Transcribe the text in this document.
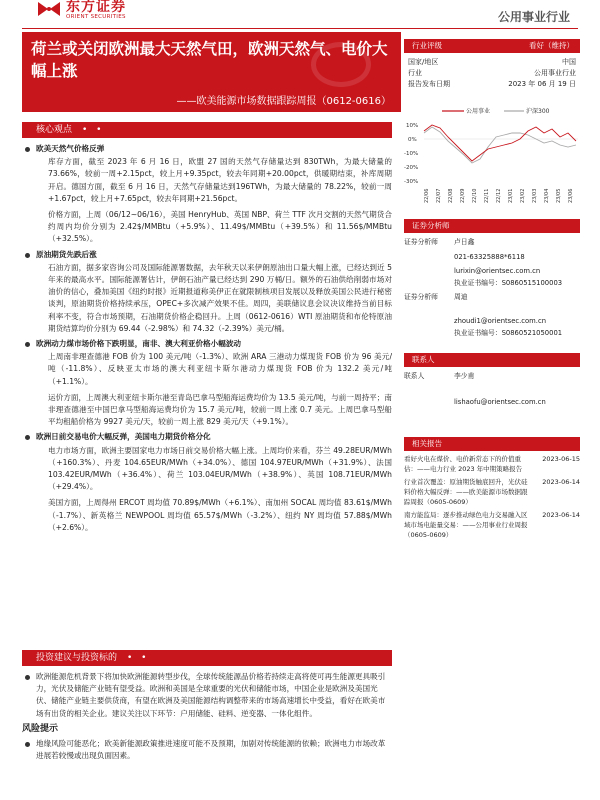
东方证券
ORIENT SECURITIES	公用事业行业
荷兰或关闭欧洲最大天然气田，欧洲天然气、电价大幅上涨
——欧美能源市场数据跟踪周报（0612-0616）
核心观点 • •
欧美天然气价格反弹
库存方面，截至 2023 年 6 月 16 日，欧盟 27 国的天然气存储量达到 830TWh，为最大储量的 73.66%，较前一周+2.15pct，较上月+9.35pct，较去年同期+20.00pct，供暖期结束，补库周期开启。德国方面，截至 6 月 16 日，天然气存储量达到196TWh，为最大储量的 78.22%，较前一周+1.67pct，较上月+7.65pct，较去年同期+21.56pct。
价格方面，上周（06/12~06/16），美国 HenryHub、英国 NBP、荷兰 TTF 次月交割的天然气期货合约周内均价分别为 2.42$/MMBtu（+5.9%）、11.49$/MMBtu（+39.5%）和 11.56$/MMBtu（+32.5%）。
原油期货先跌后涨
石油方面，据多家咨询公司及国际能源署数据，去年秋天以来伊朗原油出口量大幅上涨，已经达到近 5 年来的最高水平。国际能源署估计，伊朗石油产量已经达到 290 万桶/日。额外的石油供给削弱市场对油价的信心，叠加美国《纽约时报》近期报道称美伊正在就限制核项目发展以及释放美国公民进行秘密谈判，原油期货价格持续承压，OPEC+多次减产效果不佳。周四，美联储议息会议决议维持当前目标利率不变，符合市场预期，石油期货价格企稳回升。上周（0612-0616）WTI 原油期货和布伦特原油期货结算均价分别为 69.44（-2.98%）和 74.32（-2.39%）美元/桶。
欧洲动力煤市场价格下跌明显，南非、澳大利亚价格小幅波动
上周南非理查德港 FOB 价为 100 美元/吨（-1.3%）、欧洲 ARA 三港动力煤现货 FOB 价为 96 美元/吨（-11.8%）、反映亚太市场的澳大利亚纽卡斯尔港动力煤现货 FOB 价为 132.2 美元/吨（+1.1%）。
运价方面，上周澳大利亚纽卡斯尔港至青岛巴拿马型船海运费均价为 13.5 美元/吨，与前一周持平；南非理查德港至中国巴拿马型船海运费均价为 15.7 美元/吨，较前一周上涨 0.7 美元。上周巴拿马型船平均租船价格为 9927 美元/天，较前一周上涨 829 美元/天（+9.1%）。
欧洲日前交易电价大幅反弹，美国电力期货价格分化
电力市场方面，欧洲主要国家电力市场日前交易价格大幅上涨。上周均价来看，芬兰 49.28EUR/MWh（+160.3%）、丹麦 104.65EUR/MWh（+34.0%）、德国 104.97EUR/MWh（+31.9%）、法国 103.42EUR/MWh（+36.4%）、荷兰 103.04EUR/MWh（+38.9%）、英国 108.71EUR/MWh（+29.4%）。
美国方面，上周得州 ERCOT 周均值 70.89$/MWh（+6.1%）、南加州 SOCAL 周均值 83.61$/MWh（-1.7%）、新英格兰 NEWPOOL 周均值 65.57$/MWh（-3.2%）、纽约 NY 周均值 57.88$/MWh（+2.6%）。
投资建议与投资标的 • •
欧洲能源危机背景下将加快欧洲能源转型步伐，全球传统能源品价格若持续走高将使可再生能源更具吸引力，光伏及储能产业链有望受益。欧洲和美国是全球重要的光伏和储能市场，中国企业是欧洲及美国光伏、储能产业链主要供货商，有望在欧洲及美国能源结构调整带来的市场高速增长中受益，看好在欧美市场有出货的相关企业。建议关注以下环节：户用储能、硅料、逆变器、一体化组件。
风险提示
地缘风险可能恶化；欧美新能源政策推进速度可能不及预期，加剧对传统能源的依赖；欧洲电力市场改革进展若较慢或出现负面因素。
行业评级	看好（维持）
国家/地区	中国
行业	公用事业行业
报告发布日期	2023 年 06 月 19 日
公用事业	沪深300
10%
0%
-10%
-20%
-30%
22/06 22/07 22/08 22/09 22/10 22/11 22/12 23/01 23/02 23/03 23/04 23/05 23/06
证券分析师
证券分析师	卢日鑫
021-63325888*6118
lurixin@orientsec.com.cn
执业证书编号：S0860515100003
证券分析师	周迪
zhoudi1@orientsec.com.cn
执业证书编号：S0860521050001
联系人
联系人	李少甫
lishaofu@orientsec.com.cn
相关报告
看好火电在煤价、电价新常态下的价值重估：——电力行业 2023 年中期策略报告
2023-06-15
行业首次覆盖：原油期货触底回升，光伏硅料价格大幅反弹：——欧美能源市场数据跟踪周报（0605-0609）
2023-06-14
南方能监局：逐步推动绿色电力交易融入区域市场电能量交易：——公用事业行业周报（0605-0609）
2023-06-14
